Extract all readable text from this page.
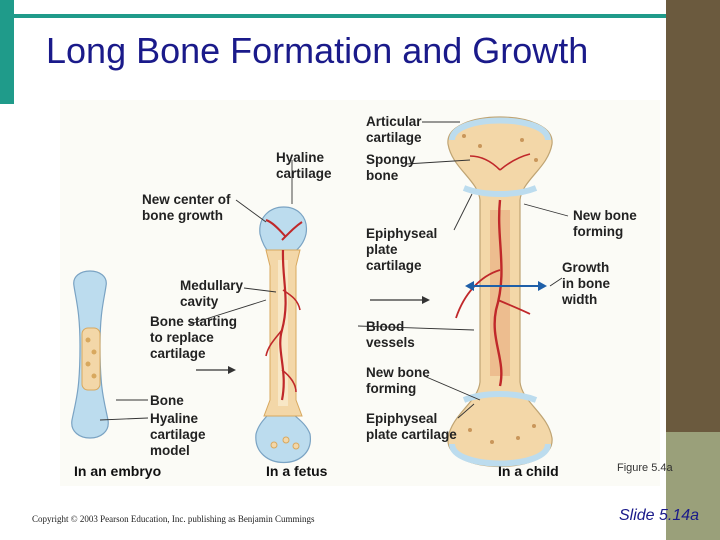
Long Bone Formation and Growth
New center of bone growth
Medullary cavity
Bone starting to replace cartilage
Bone
Hyaline cartilage model
Hyaline cartilage
Articular cartilage
Spongy bone
Epiphyseal plate cartilage
Blood vessels
New bone forming
Epiphyseal plate cartilage
New bone forming
Growth in bone width
In an embryo	In a fetus	In a child	Figure 5.4a
Copyright © 2003 Pearson Education, Inc. publishing as Benjamin Cummings	Slide 5.14a
